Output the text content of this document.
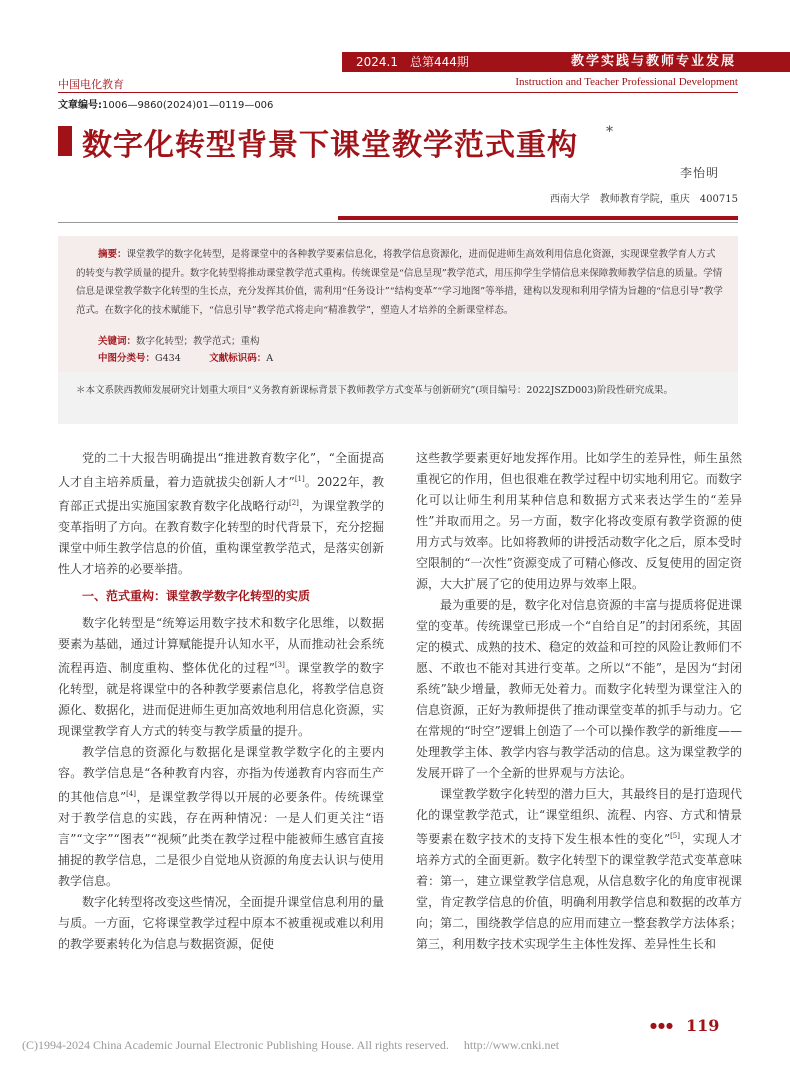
2024.1　总第444期	教学实践与教师专业发展
中国电化教育	Instruction and Teacher Professional Development
文章编号:1006—9860(2024)01—0119—006
数字化转型背景下课堂教学范式重构 *
李怡明
西南大学　教师教育学院，重庆　400715
摘要：课堂教学的数字化转型，是将课堂中的各种教学要素信息化，将教学信息资源化，进而促进师生高效利用信息化资源，实现课堂教学育人方式的转变与教学质量的提升。数字化转型将推动课堂教学范式重构。传统课堂是“信息呈现”教学范式，用压抑学生学情信息来保障教师教学信息的质量。学情信息是课堂教学数字化转型的生长点，充分发挥其价值，需利用“任务设计”“结构变革”“学习地图”等举措，建构以发现和利用学情为旨趣的“信息引导”教学范式。在数字化的技术赋能下，“信息引导”教学范式将走向“精准教学”，塑造人才培养的全新课堂样态。
关键词：数字化转型；教学范式；重构
中图分类号：G434　　　	文献标识码：A
＊本文系陕西教师发展研究计划重大项目“义务教育新课标背景下教师教学方式变革与创新研究”(项目编号：2022JSZD003)阶段性研究成果。

党的二十大报告明确提出“推进教育数字化”，“全面提高人才自主培养质量，着力造就拔尖创新人才”[1]。2022年，教育部正式提出实施国家教育数字化战略行动[2]，为课堂教学的变革指明了方向。在教育数字化转型的时代背景下，充分挖掘课堂中师生教学信息的价值，重构课堂教学范式，是落实创新性人才培养的必要举措。

一、范式重构：课堂教学数字化转型的实质

数字化转型是“统筹运用数字技术和数字化思维，以数据要素为基础，通过计算赋能提升认知水平，从而推动社会系统流程再造、制度重构、整体优化的过程”[3]。课堂教学的数字化转型，就是将课堂中的各种教学要素信息化，将教学信息资源化、数据化，进而促进师生更加高效地利用信息化资源，实现课堂教学育人方式的转变与教学质量的提升。

教学信息的资源化与数据化是课堂教学数字化的主要内容。教学信息是“各种教育内容，亦指为传递教育内容而生产的其他信息”[4]，是课堂教学得以开展的必要条件。传统课堂对于教学信息的实践，存在两种情况：一是人们更关注“语言”“文字”“图表”“视频”此类在教学过程中能被师生感官直接捕捉的教学信息，二是很少自觉地从资源的角度去认识与使用教学信息。

数字化转型将改变这些情况，全面提升课堂信息利用的量与质。一方面，它将课堂教学过程中原本不被重视或难以利用的教学要素转化为信息与数据资源，促使

这些教学要素更好地发挥作用。比如学生的差异性，师生虽然重视它的作用，但也很难在教学过程中切实地利用它。而数字化可以让师生利用某种信息和数据方式来表达学生的“差异性”并取而用之。另一方面，数字化将改变原有教学资源的使用方式与效率。比如将教师的讲授活动数字化之后，原本受时空限制的“一次性”资源变成了可精心修改、反复使用的固定资源，大大扩展了它的使用边界与效率上限。

最为重要的是，数字化对信息资源的丰富与提质将促进课堂的变革。传统课堂已形成一个“自给自足”的封闭系统，其固定的模式、成熟的技术、稳定的效益和可控的风险让教师们不愿、不敢也不能对其进行变革。之所以“不能”，是因为“封闭系统”缺少增量，教师无处着力。而数字化转型为课堂注入的信息资源，正好为教师提供了推动课堂变革的抓手与动力。它在常规的“时空”逻辑上创造了一个可以操作教学的新维度——处理教学主体、教学内容与教学活动的信息。这为课堂教学的发展开辟了一个全新的世界观与方法论。

课堂教学数字化转型的潜力巨大，其最终目的是打造现代化的课堂教学范式，让“课堂组织、流程、内容、方式和情景等要素在数字技术的支持下发生根本性的变化”[5]，实现人才培养方式的全面更新。数字化转型下的课堂教学范式变革意味着：第一，建立课堂教学信息观，从信息数字化的角度审视课堂，肯定教学信息的价值，明确利用教学信息和数据的改革方向；第二，围绕教学信息的应用而建立一整套教学方法体系；第三，利用数字技术实现学生主体性发挥、差异性生长和

●●● 119
(C)1994-2024 China Academic Journal Electronic Publishing House. All rights reserved.　 http://www.cnki.net
